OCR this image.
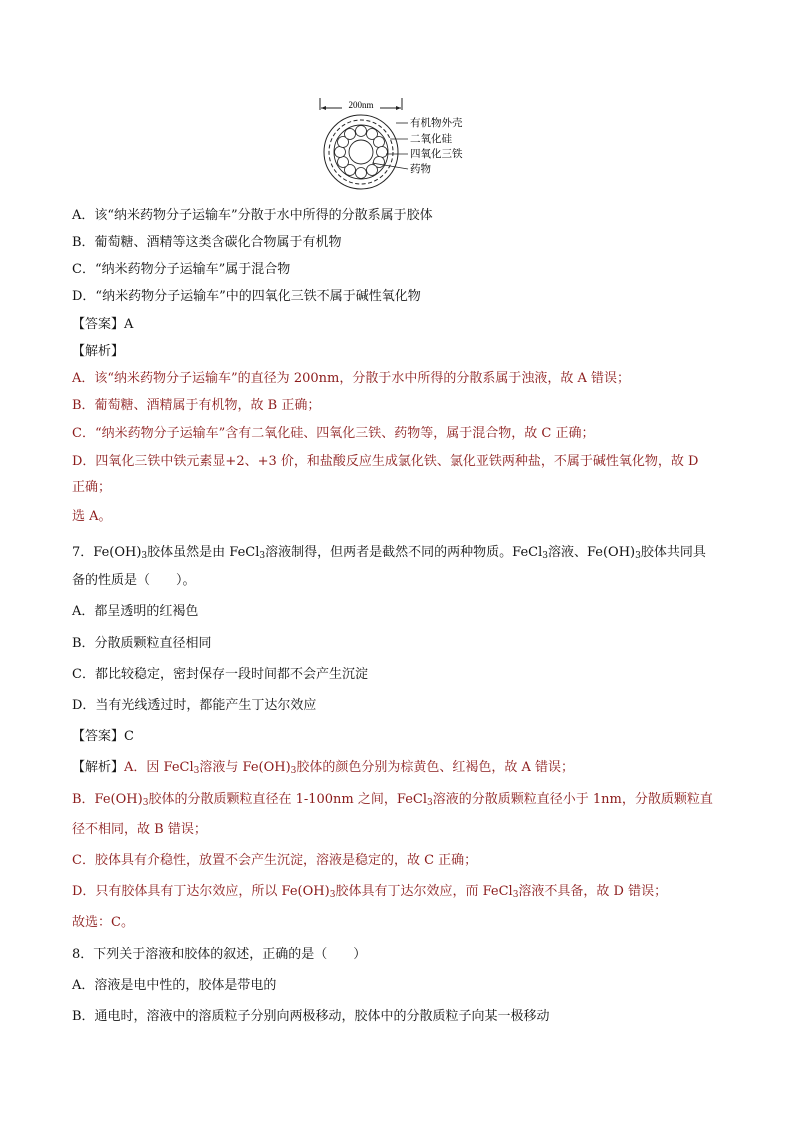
200nm
有机物外壳
二氧化硅
四氧化三铁
药物
A．该“纳米药物分子运输车”分散于水中所得的分散系属于胶体
B．葡萄糖、酒精等这类含碳化合物属于有机物
C．“纳米药物分子运输车”属于混合物
D．“纳米药物分子运输车”中的四氧化三铁不属于碱性氧化物
【答案】A
【解析】
A．该“纳米药物分子运输车”的直径为 200nm，分散于水中所得的分散系属于浊液，故 A 错误；
B．葡萄糖、酒精属于有机物，故 B 正确；
C．“纳米药物分子运输车”含有二氧化硅、四氧化三铁、药物等，属于混合物，故 C 正确；
D．四氧化三铁中铁元素显+2、+3 价，和盐酸反应生成氯化铁、氯化亚铁两种盐，不属于碱性氧化物，故 D
正确；
选 A。
7．$Fe(OH)_3$胶体虽然是由 FeCl$_3$溶液制得，但两者是截然不同的两种物质。FeCl$_3$溶液、$Fe(OH)_3$胶体共同具
备的性质是（　　）。
A．都呈透明的红褐色
B．分散质颗粒直径相同
C．都比较稳定，密封保存一段时间都不会产生沉淀
D．当有光线透过时，都能产生丁达尔效应
【答案】C
【解析】A．因 FeCl$_3$溶液与 $Fe(OH)_3$胶体的颜色分别为棕黄色、红褐色，故 A 错误；
B．$Fe(OH)_3$胶体的分散质颗粒直径在 1-100nm 之间，FeCl$_3$溶液的分散质颗粒直径小于 1nm，分散质颗粒直
径不相同，故 B 错误；
C．胶体具有介稳性，放置不会产生沉淀，溶液是稳定的，故 C 正确；
D．只有胶体具有丁达尔效应，所以 $Fe(OH)_3$胶体具有丁达尔效应，而 FeCl$_3$溶液不具备，故 D 错误；
故选：C。
8．下列关于溶液和胶体的叙述，正确的是（　　）
A．溶液是电中性的，胶体是带电的
B．通电时，溶液中的溶质粒子分别向两极移动，胶体中的分散质粒子向某一极移动
